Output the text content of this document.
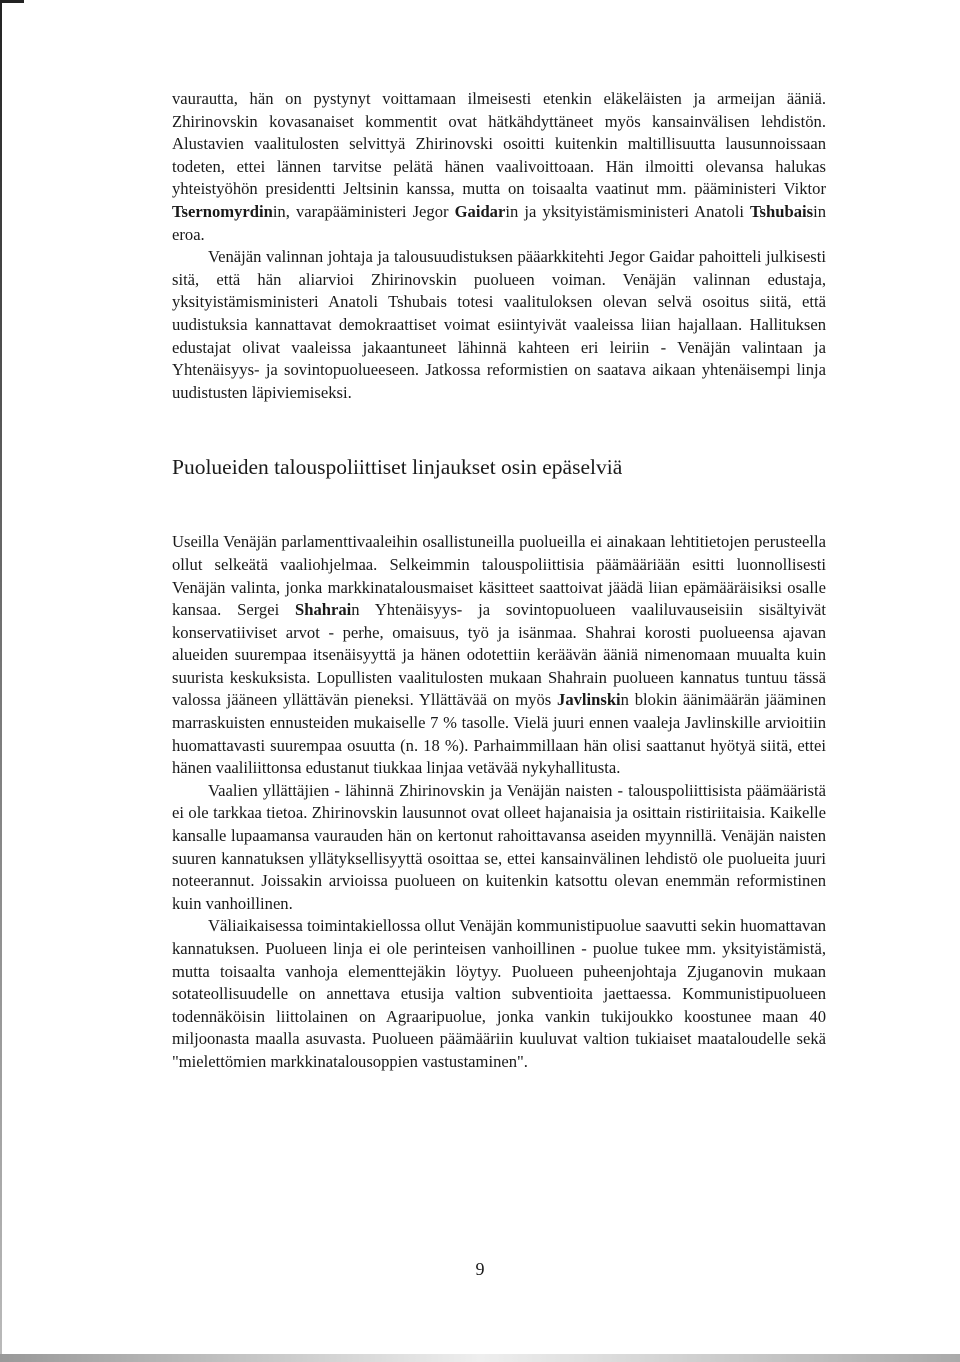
vaurautta, hän on pystynyt voittamaan ilmeisesti etenkin eläkeläisten ja armeijan ääniä. Zhirinovskin kovasanaiset kommentit ovat hätkähdyttäneet myös kansainvälisen lehdistön. Alustavien vaalitulosten selvittyä Zhirinovski osoitti kuitenkin maltillisuutta lausunnoissaan todeten, ettei lännen tarvitse pelätä hänen vaalivoittoaan. Hän ilmoitti olevansa halukas yhteistyöhön presidentti Jeltsinin kanssa, mutta on toisaalta vaatinut mm. pääministeri Viktor Tsernomyrdinin, varapääministeri Jegor Gaidarin ja yksityistämisministeri Anatoli Tshubaisin eroa.

Venäjän valinnan johtaja ja talousuudistuksen pääarkkitehti Jegor Gaidar pahoitteli julkisesti sitä, että hän aliarvioi Zhirinovskin puolueen voiman. Venäjän valinnan edustaja, yksityistämisministeri Anatoli Tshubais totesi vaalituloksen olevan selvä osoitus siitä, että uudistuksia kannattavat demokraattiset voimat esiintyivät vaaleissa liian hajallaan. Hallituksen edustajat olivat vaaleissa jakaantuneet lähinnä kahteen eri leiriin - Venäjän valintaan ja Yhtenäisyys- ja sovintopuolueeseen. Jatkossa reformistien on saatava aikaan yhtenäisempi linja uudistusten läpiviemiseksi.

Puolueiden talouspoliittiset linjaukset osin epäselviä

Useilla Venäjän parlamenttivaaleihin osallistuneilla puolueilla ei ainakaan lehtitietojen perusteella ollut selkeätä vaaliohjelmaa. Selkeimmin talouspoliittisia päämääriään esitti luonnollisesti Venäjän valinta, jonka markkinatalousmaiset käsitteet saattoivat jäädä liian epämääräisiksi osalle kansaa. Sergei Shahrain Yhtenäisyys- ja sovintopuolueen vaaliluvauseisiin sisältyivät konservatiiviset arvot - perhe, omaisuus, työ ja isänmaa. Shahrai korosti puolueensa ajavan alueiden suurempaa itsenäisyyttä ja hänen odotettiin keräävän ääniä nimenomaan muualta kuin suurista keskuksista. Lopullisten vaalitulosten mukaan Shahrain puolueen kannatus tuntuu tässä valossa jääneen yllättävän pieneksi. Yllättävää on myös Javlinskin blokin äänimäärän jääminen marraskuisten ennusteiden mukaiselle 7 % tasolle. Vielä juuri ennen vaaleja Javlinskille arvioitiin huomattavasti suurempaa osuutta (n. 18 %). Parhaimmillaan hän olisi saattanut hyötyä siitä, ettei hänen vaaliliittonsa edustanut tiukkaa linjaa vetävää nykyhallitusta.

Vaalien yllättäjien - lähinnä Zhirinovskin ja Venäjän naisten - talouspoliittisista päämääristä ei ole tarkkaa tietoa. Zhirinovskin lausunnot ovat olleet hajanaisia ja osittain ristiriitaisia. Kaikelle kansalle lupaamansa vaurauden hän on kertonut rahoittavansa aseiden myynnillä. Venäjän naisten suuren kannatuksen yllätyksellisyyttä osoittaa se, ettei kansainvälinen lehdistö ole puolueita juuri noteerannut. Joissakin arvioissa puolueen on kuitenkin katsottu olevan enemmän reformistinen kuin vanhoillinen.

Väliaikaisessa toimintakiellossa ollut Venäjän kommunistipuolue saavutti sekin huomattavan kannatuksen. Puolueen linja ei ole perinteisen vanhoillinen - puolue tukee mm. yksityistämistä, mutta toisaalta vanhoja elementtejäkin löytyy. Puolueen puheenjohtaja Zjuganovin mukaan sotateollisuudelle on annettava etusija valtion subventioita jaettaessa. Kommunistipuolueen todennäköisin liittolainen on Agraaripuolue, jonka vankin tukijoukko koostunee maan 40 miljoonasta maalla asuvasta. Puolueen päämääriin kuuluvat valtion tukiaiset maataloudelle sekä "mielettömien markkinatalousoppien vastustaminen".

9
